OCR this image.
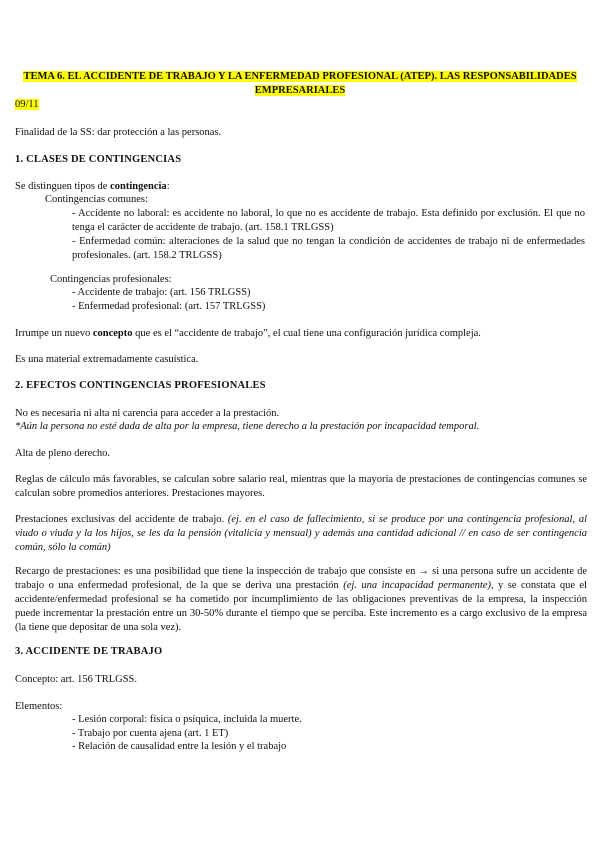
TEMA 6. EL ACCIDENTE DE TRABAJO Y LA ENFERMEDAD PROFESIONAL (ATEP). LAS RESPONSABILIDADES EMPRESARIALES
09/11
Finalidad de la SS: dar protección a las personas.
1. CLASES DE CONTINGENCIAS
Se distinguen tipos de contingencia:
Contingencias comunes:
- Accidente no laboral: es accidente no laboral, lo que no es accidente de trabajo. Esta definido por exclusión. El que no tenga el carácter de accidente de trabajo. (art. 158.1 TRLGSS)
- Enfermedad común: alteraciones de la salud que no tengan la condición de accidentes de trabajo ni de enfermedades profesionales. (art. 158.2 TRLGSS)
Contingencias profesionales:
- Accidente de trabajo: (art. 156 TRLGSS)
- Enfermedad profesional: (art. 157 TRLGSS)
Irrumpe un nuevo concepto que es el “accidente de trabajo”, el cual tiene una configuración jurídica compleja.
Es una material extremadamente casuística.
2. EFECTOS CONTINGENCIAS PROFESIONALES
No es necesaria ni alta ni carencia para acceder a la prestación.
*Aún la persona no esté dada de alta por la empresa, tiene derecho a la prestación por incapacidad temporal.
Alta de pleno derecho.
Reglas de cálculo más favorables, se calculan sobre salario real, mientras que la mayoría de prestaciones de contingencias comunes se calculan sobre promedios anteriores. Prestaciones mayores.
Prestaciones exclusivas del accidente de trabajo. (ej. en el caso de fallecimiento, si se produce por una contingencia profesional, al viudo o viuda y la los hijos, se les da la pensión (vitalicia y mensual) y además una cantidad adicional // en caso de ser contingencia común, sólo la común)
Recargo de prestaciones: es una posibilidad que tiene la inspección de trabajo que consiste en → si una persona sufre un accidente de trabajo o una enfermedad profesional, de la que se deriva una prestación (ej. una incapacidad permanente), y se constata que el accidente/enfermedad profesional se ha cometido por incumplimiento de las obligaciones preventivas de la empresa, la inspección puede incrementar la prestación entre un 30-50% durante el tiempo que se perciba. Este incremento es a cargo exclusivo de la empresa (la tiene que depositar de una sola vez).
3. ACCIDENTE DE TRABAJO
Concepto: art. 156 TRLGSS.
Elementos:
- Lesión corporal: física o psíquica, incluida la muerte.
- Trabajo por cuenta ajena (art. 1 ET)
- Relación de causalidad entre la lesión y el trabajo
